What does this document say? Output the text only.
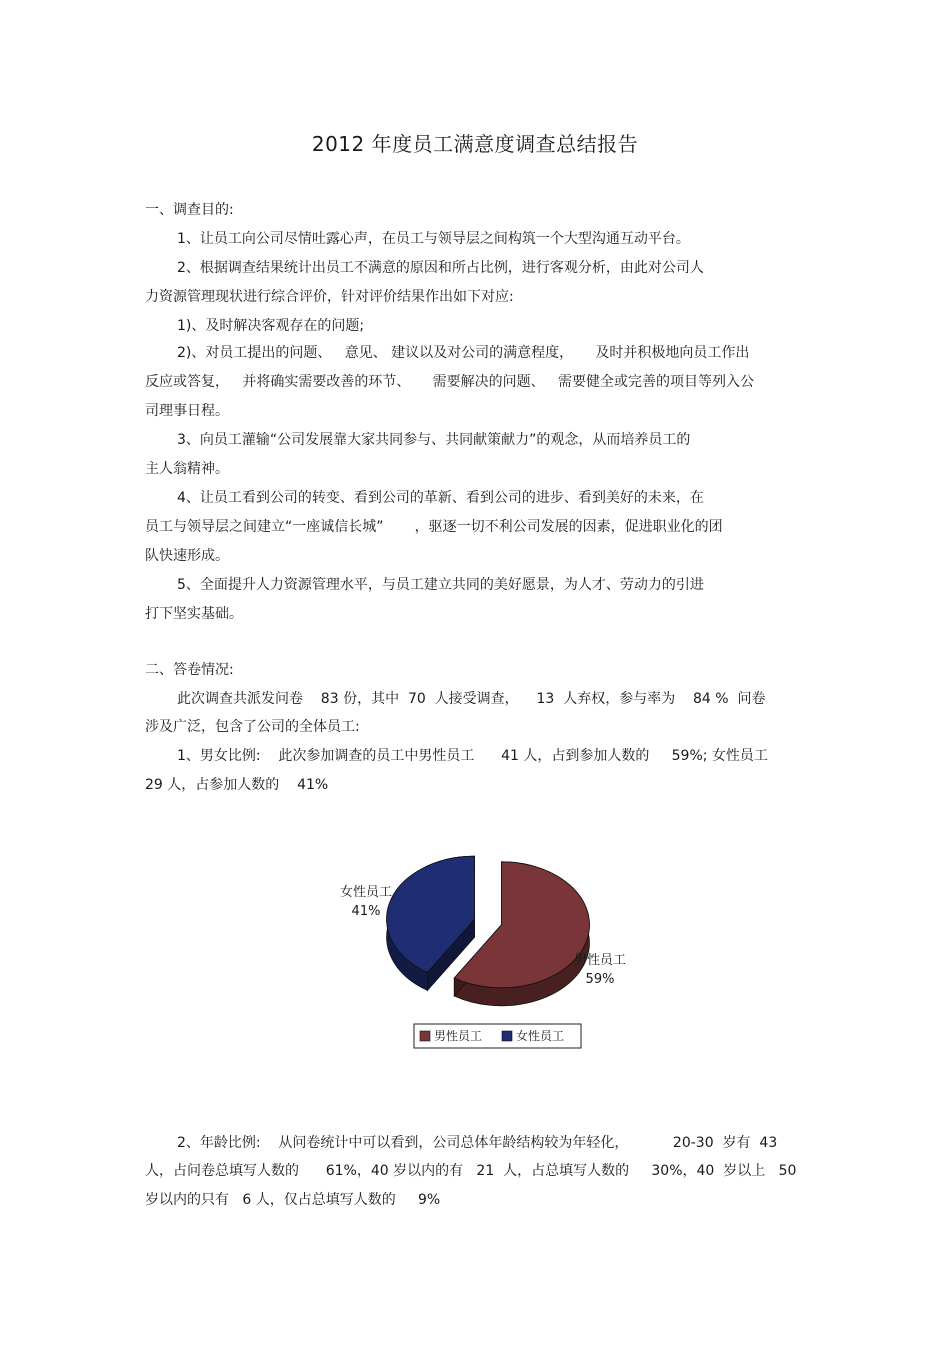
2012 年度员工满意度调查总结报告
一、调查目的:
1、让员工向公司尽情吐露心声，在员工与领导层之间构筑一个大型沟通互动平台。
2、根据调查结果统计出员工不满意的原因和所占比例，进行客观分析，由此对公司人
力资源管理现状进行综合评价，针对评价结果作出如下对应:
1)、及时解决客观存在的问题;
2)、对员工提出的问题、   意见、 建议以及对公司的满意程度，     及时并积极地向员工作出
反应或答复，   并将确实需要改善的环节、     需要解决的问题、   需要健全或完善的项目等列入公
司理事日程。
3、向员工灌输“公司发展靠大家共同参与、共同献策献力”的观念，从而培养员工的
主人翁精神。
4、让员工看到公司的转变、看到公司的革新、看到公司的进步、看到美好的未来，在
员工与领导层之间建立“一座诚信长城”       ，驱逐一切不利公司发展的因素，促进职业化的团
队快速形成。
5、全面提升人力资源管理水平，与员工建立共同的美好愿景，为人才、劳动力的引进
打下坚实基础。
二、答卷情况:
此次调查共派发问卷    83 份，其中  70  人接受调查，    13  人弃权，参与率为    84 %  问卷
涉及广泛，包含了公司的全体员工:
1、男女比例:    此次参加调查的员工中男性员工      41 人，占到参加人数的     59%; 女性员工
29 人，占参加人数的    41%
男性员工
59%
女性员工
41%
男性员工	女性员工
2、年龄比例:    从问卷统计中可以看到，公司总体年龄结构较为年轻化，          20-30  岁有  43
人，占问卷总填写人数的      61%，40 岁以内的有   21  人，占总填写人数的     30%，40  岁以上   50
岁以内的只有   6 人，仅占总填写人数的     9%
